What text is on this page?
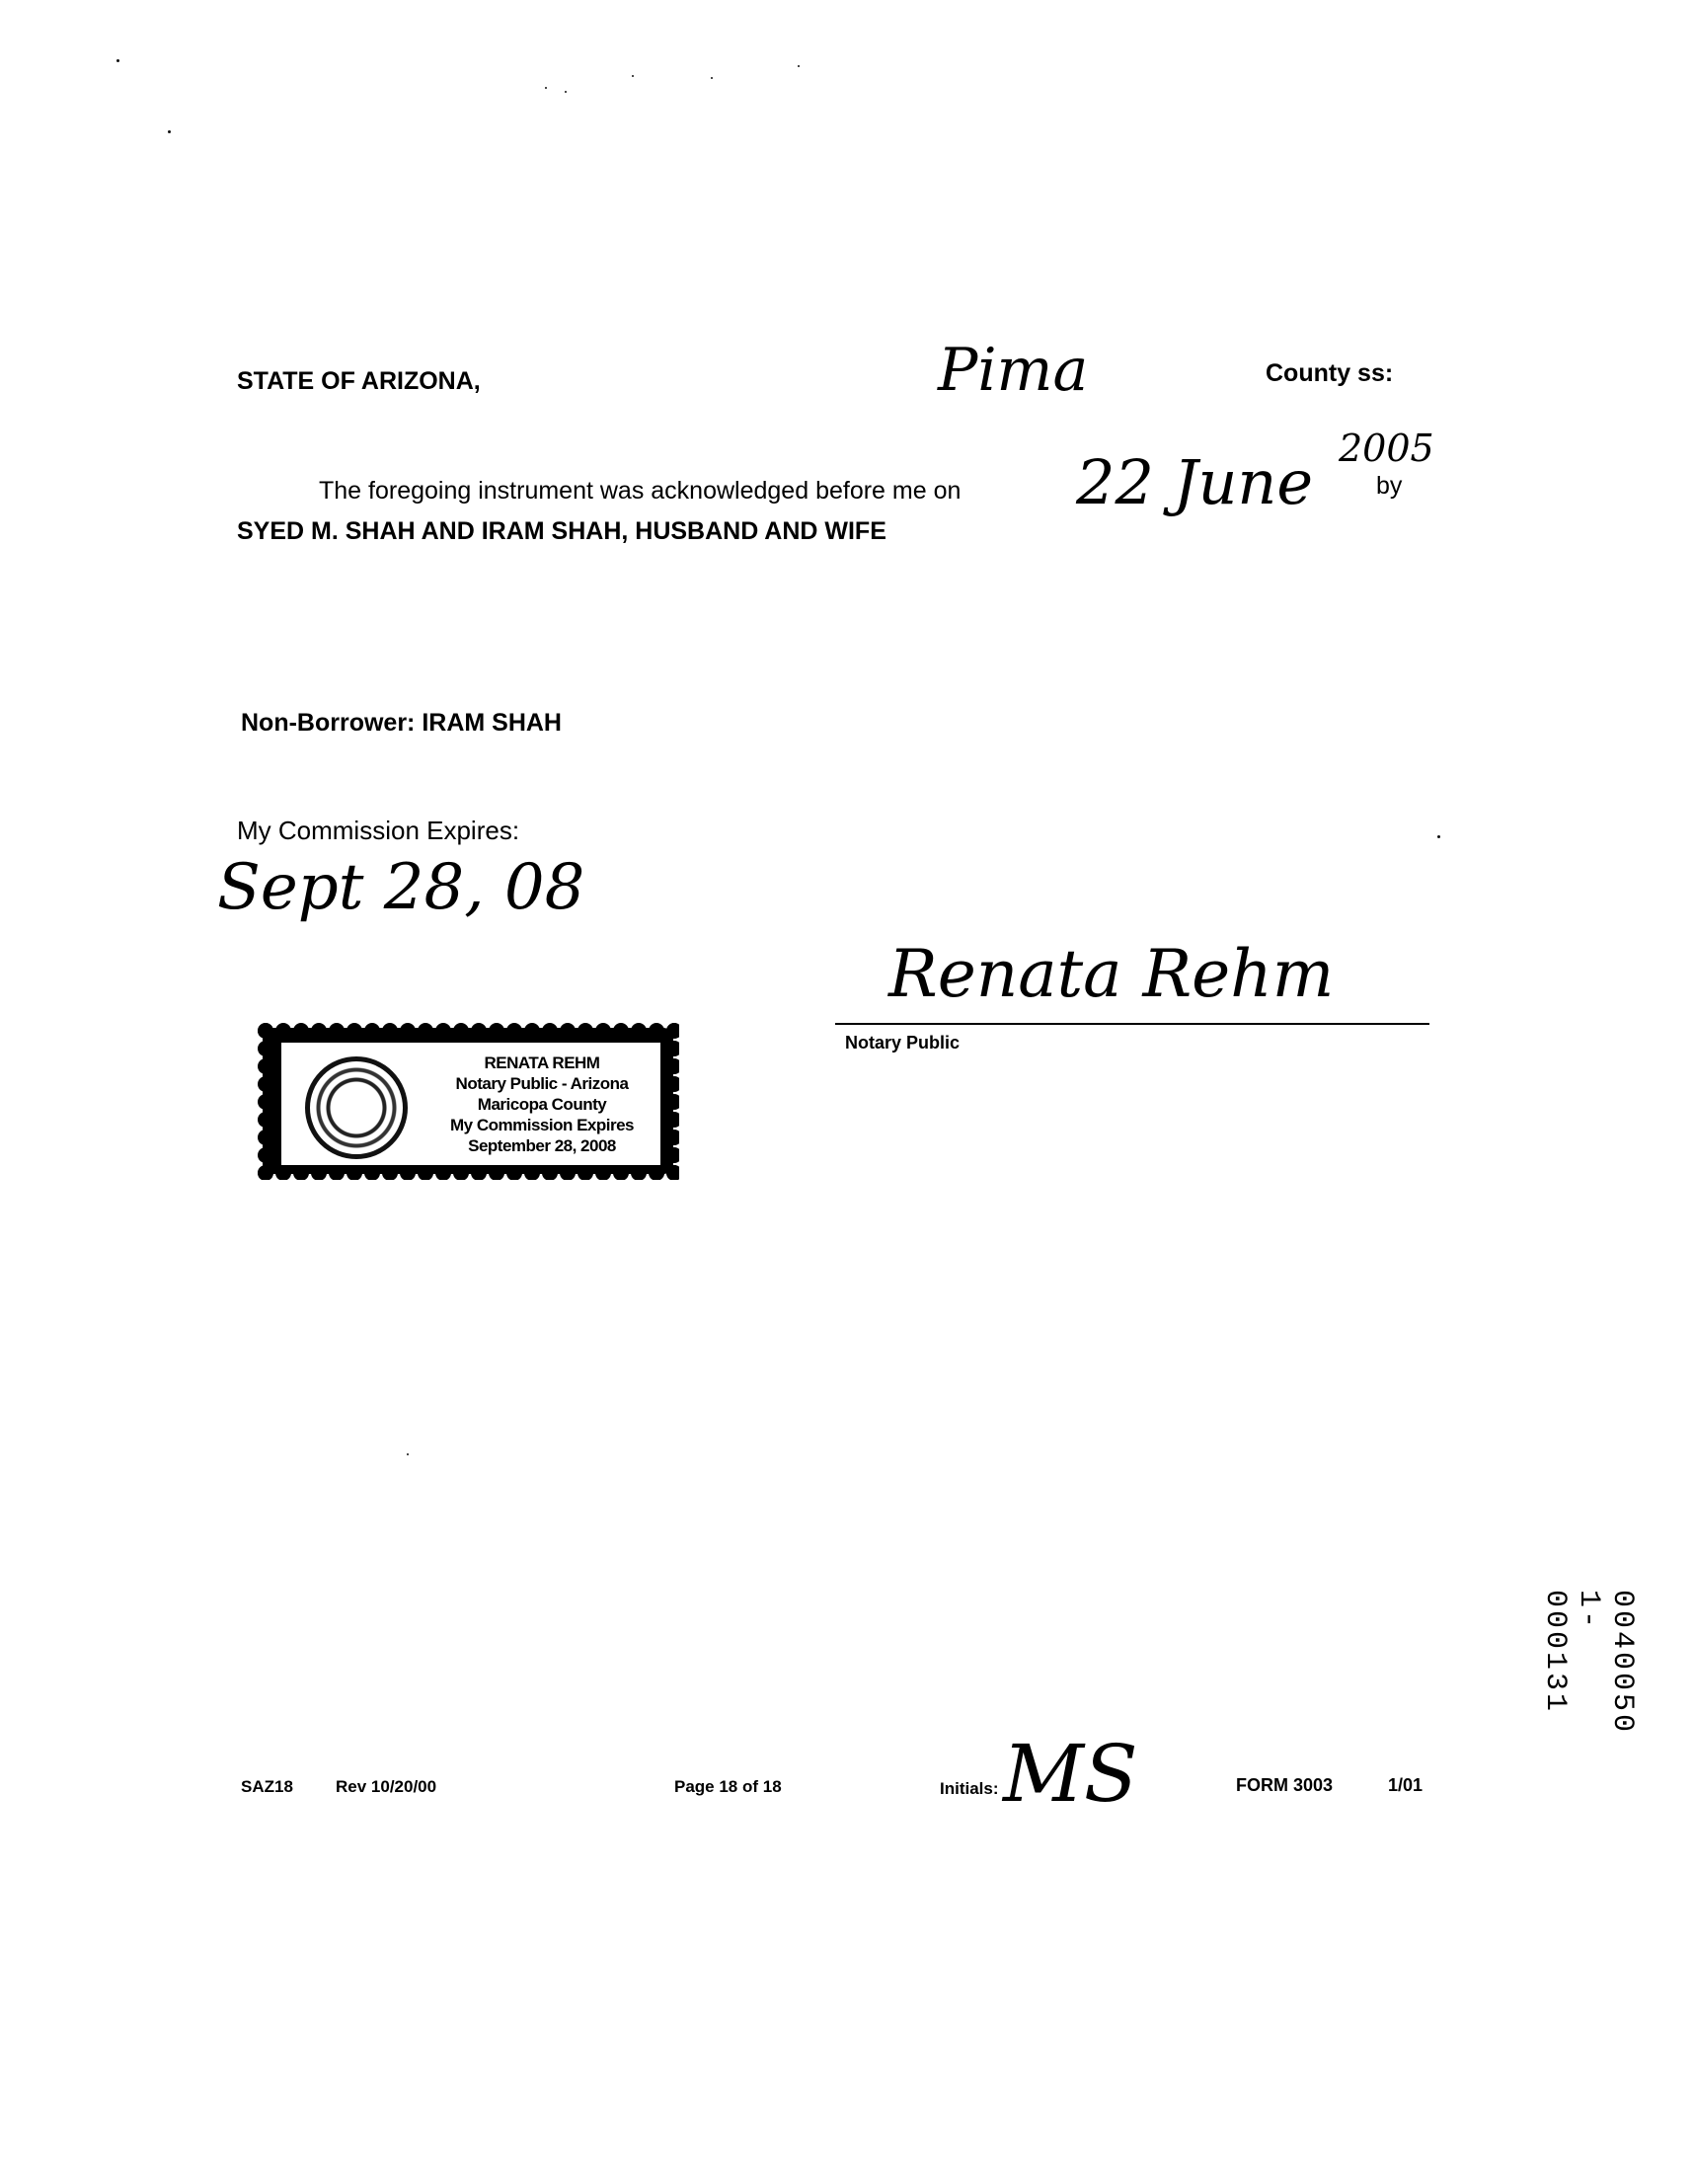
STATE OF ARIZONA,	Pima	County ss:
The foregoing instrument was acknowledged before me on 22 June 2005
by
SYED M. SHAH AND IRAM SHAH, HUSBAND AND WIFE
Non-Borrower: IRAM SHAH
My Commission Expires:
Sept 28, 08
Renata Rehm
Notary Public
RENATA REHM
Notary Public - Arizona
Maricopa County
My Commission Expires
September 28, 2008
SAZ18	Rev 10/20/00	Page 18 of 18	Initials: MS	FORM 3003	1/01
0040050 1-000131
